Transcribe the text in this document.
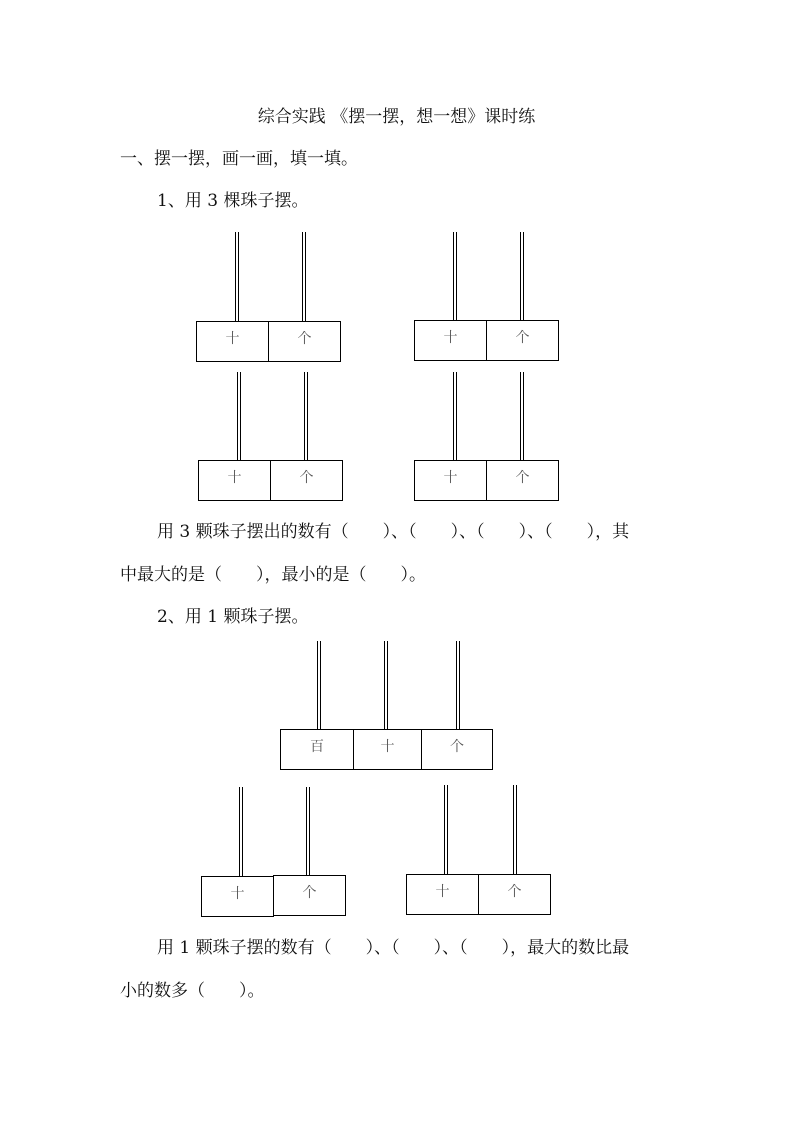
综合实践 《摆一摆，想一想》课时练
一、摆一摆，画一画，填一填。
1、用 3 棵珠子摆。
十	个	十	个
十	个	十	个
用 3 颗珠子摆出的数有（　　）、（　　）、（　　）、（　　），其
中最大的是（　　），最小的是（　　）。
2、用 1 颗珠子摆。
百	十	个
十	个	十	个
用 1 颗珠子摆的数有（　　）、（　　）、（　　），最大的数比最
小的数多（　　）。
